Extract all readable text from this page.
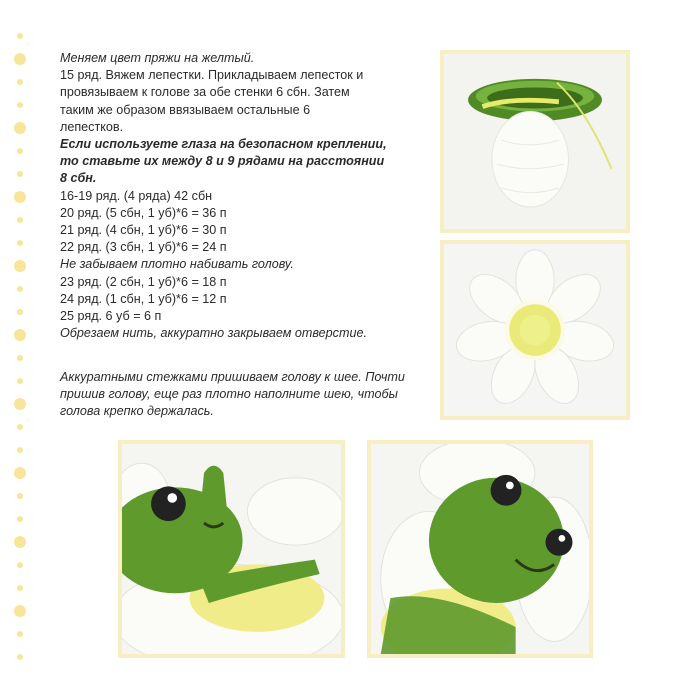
Меняем цвет пряжи на желтый.

15 ряд. Вяжем лепестки. Прикладываем лепесток и

провязываем к голове за обе стенки 6 сбн. Затем

таким же образом ввязываем остальные 6

лепестков.

Если используете глаза на безопасном креплении,

то ставьте их между 8 и 9 рядами на расстоянии

8 сбн.

16-19 ряд. (4 ряда) 42 сбн

20 ряд. (5 сбн, 1 уб)*6 = 36 п

21 ряд. (4 сбн, 1 уб)*6 = 30 п

22 ряд. (3 сбн, 1 уб)*6 = 24 п

Не забываем плотно набивать голову.

23 ряд. (2 сбн, 1 уб)*6 = 18 п

24 ряд. (1 сбн, 1 уб)*6 = 12 п

25 ряд. 6 уб = 6 п

Обрезаем нить, аккуратно закрываем отверстие.

Аккуратными стежками пришиваем голову к шее. Почти

пришив голову, еще раз плотно наполните шею, чтобы

голова крепко держалась.
